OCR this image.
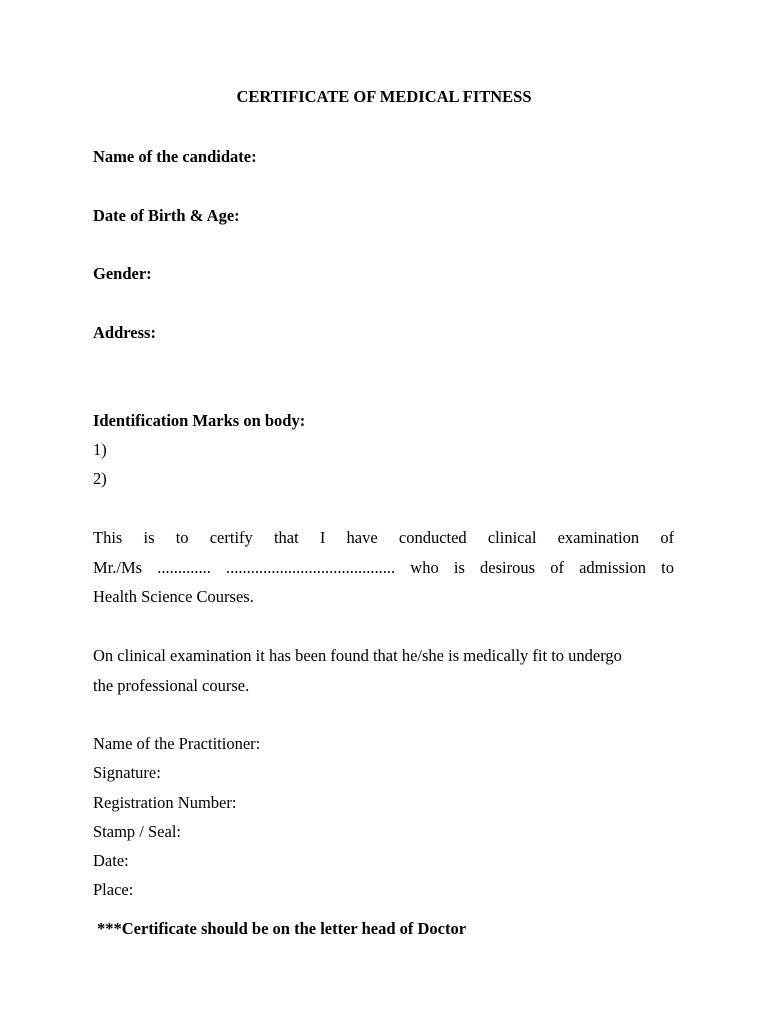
CERTIFICATE OF MEDICAL FITNESS
Name of the candidate:
Date of Birth & Age:
Gender:
Address:
Identification Marks on body:
1)
2)
This is to certify that I have conducted clinical examination of
Mr./Ms ............. ......................................... who is desirous of admission to
Health Science Courses.
On clinical examination it has been found that he/she is medically fit to undergo
the professional course.
Name of the Practitioner:
Signature:
Registration Number:
Stamp / Seal:
Date:
Place:
***Certificate should be on the letter head of Doctor
